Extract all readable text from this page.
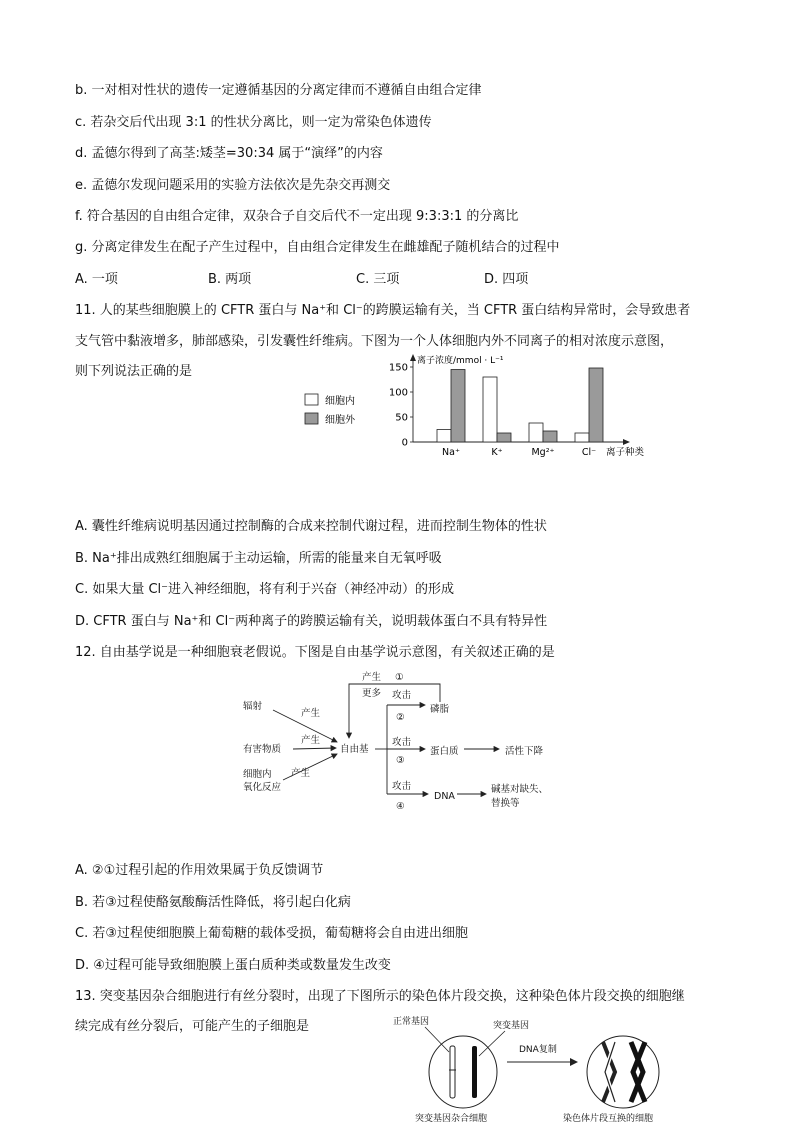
b. 一对相对性状的遗传一定遵循基因的分离定律而不遵循自由组合定律
c. 若杂交后代出现 3:1 的性状分离比，则一定为常染色体遗传
d. 孟德尔得到了高茎:矮茎=30:34 属于“演绎”的内容
e. 孟德尔发现问题采用的实验方法依次是先杂交再测交
f. 符合基因的自由组合定律，双杂合子自交后代不一定出现 9:3:3:1 的分离比
g. 分离定律发生在配子产生过程中，自由组合定律发生在雌雄配子随机结合的过程中
A. 一项	B. 两项	C. 三项	D. 四项
11. 人的某些细胞膜上的 CFTR 蛋白与 Na⁺和 Cl⁻的跨膜运输有关，当 CFTR 蛋白结构异常时，会导致患者
支气管中黏液增多，肺部感染，引发囊性纤维病。下图为一个人体细胞内外不同离子的相对浓度示意图，
则下列说法正确的是
细胞内
细胞外
离子浓度/mmol · L⁻¹
离子种类
0
50
100
150
Na⁺	K⁺	Mg²⁺	Cl⁻
A. 囊性纤维病说明基因通过控制酶的合成来控制代谢过程，进而控制生物体的性状
B. Na⁺排出成熟红细胞属于主动运输，所需的能量来自无氧呼吸
C. 如果大量 Cl⁻进入神经细胞，将有利于兴奋（神经冲动）的形成
D. CFTR 蛋白与 Na⁺和 Cl⁻两种离子的跨膜运输有关，说明载体蛋白不具有特异性
12. 自由基学说是一种细胞衰老假说。下图是自由基学说示意图，有关叙述正确的是
辐射
有害物质
细胞内
氧化反应
产生
产生
产生
自由基
产生 ①
更多 攻击
②
磷脂
攻击
③
蛋白质	活性下降
攻击
④
DNA
碱基对缺失、
替换等
A. ②①过程引起的作用效果属于负反馈调节
B. 若③过程使酪氨酸酶活性降低，将引起白化病
C. 若③过程使细胞膜上葡萄糖的载体受损，葡萄糖将会自由进出细胞
D. ④过程可能导致细胞膜上蛋白质种类或数量发生改变
13. 突变基因杂合细胞进行有丝分裂时，出现了下图所示的染色体片段交换，这种染色体片段交换的细胞继
续完成有丝分裂后，可能产生的子细胞是	正常基因	突变基因
DNA复制
突变基因杂合细胞	染色体片段互换的细胞
